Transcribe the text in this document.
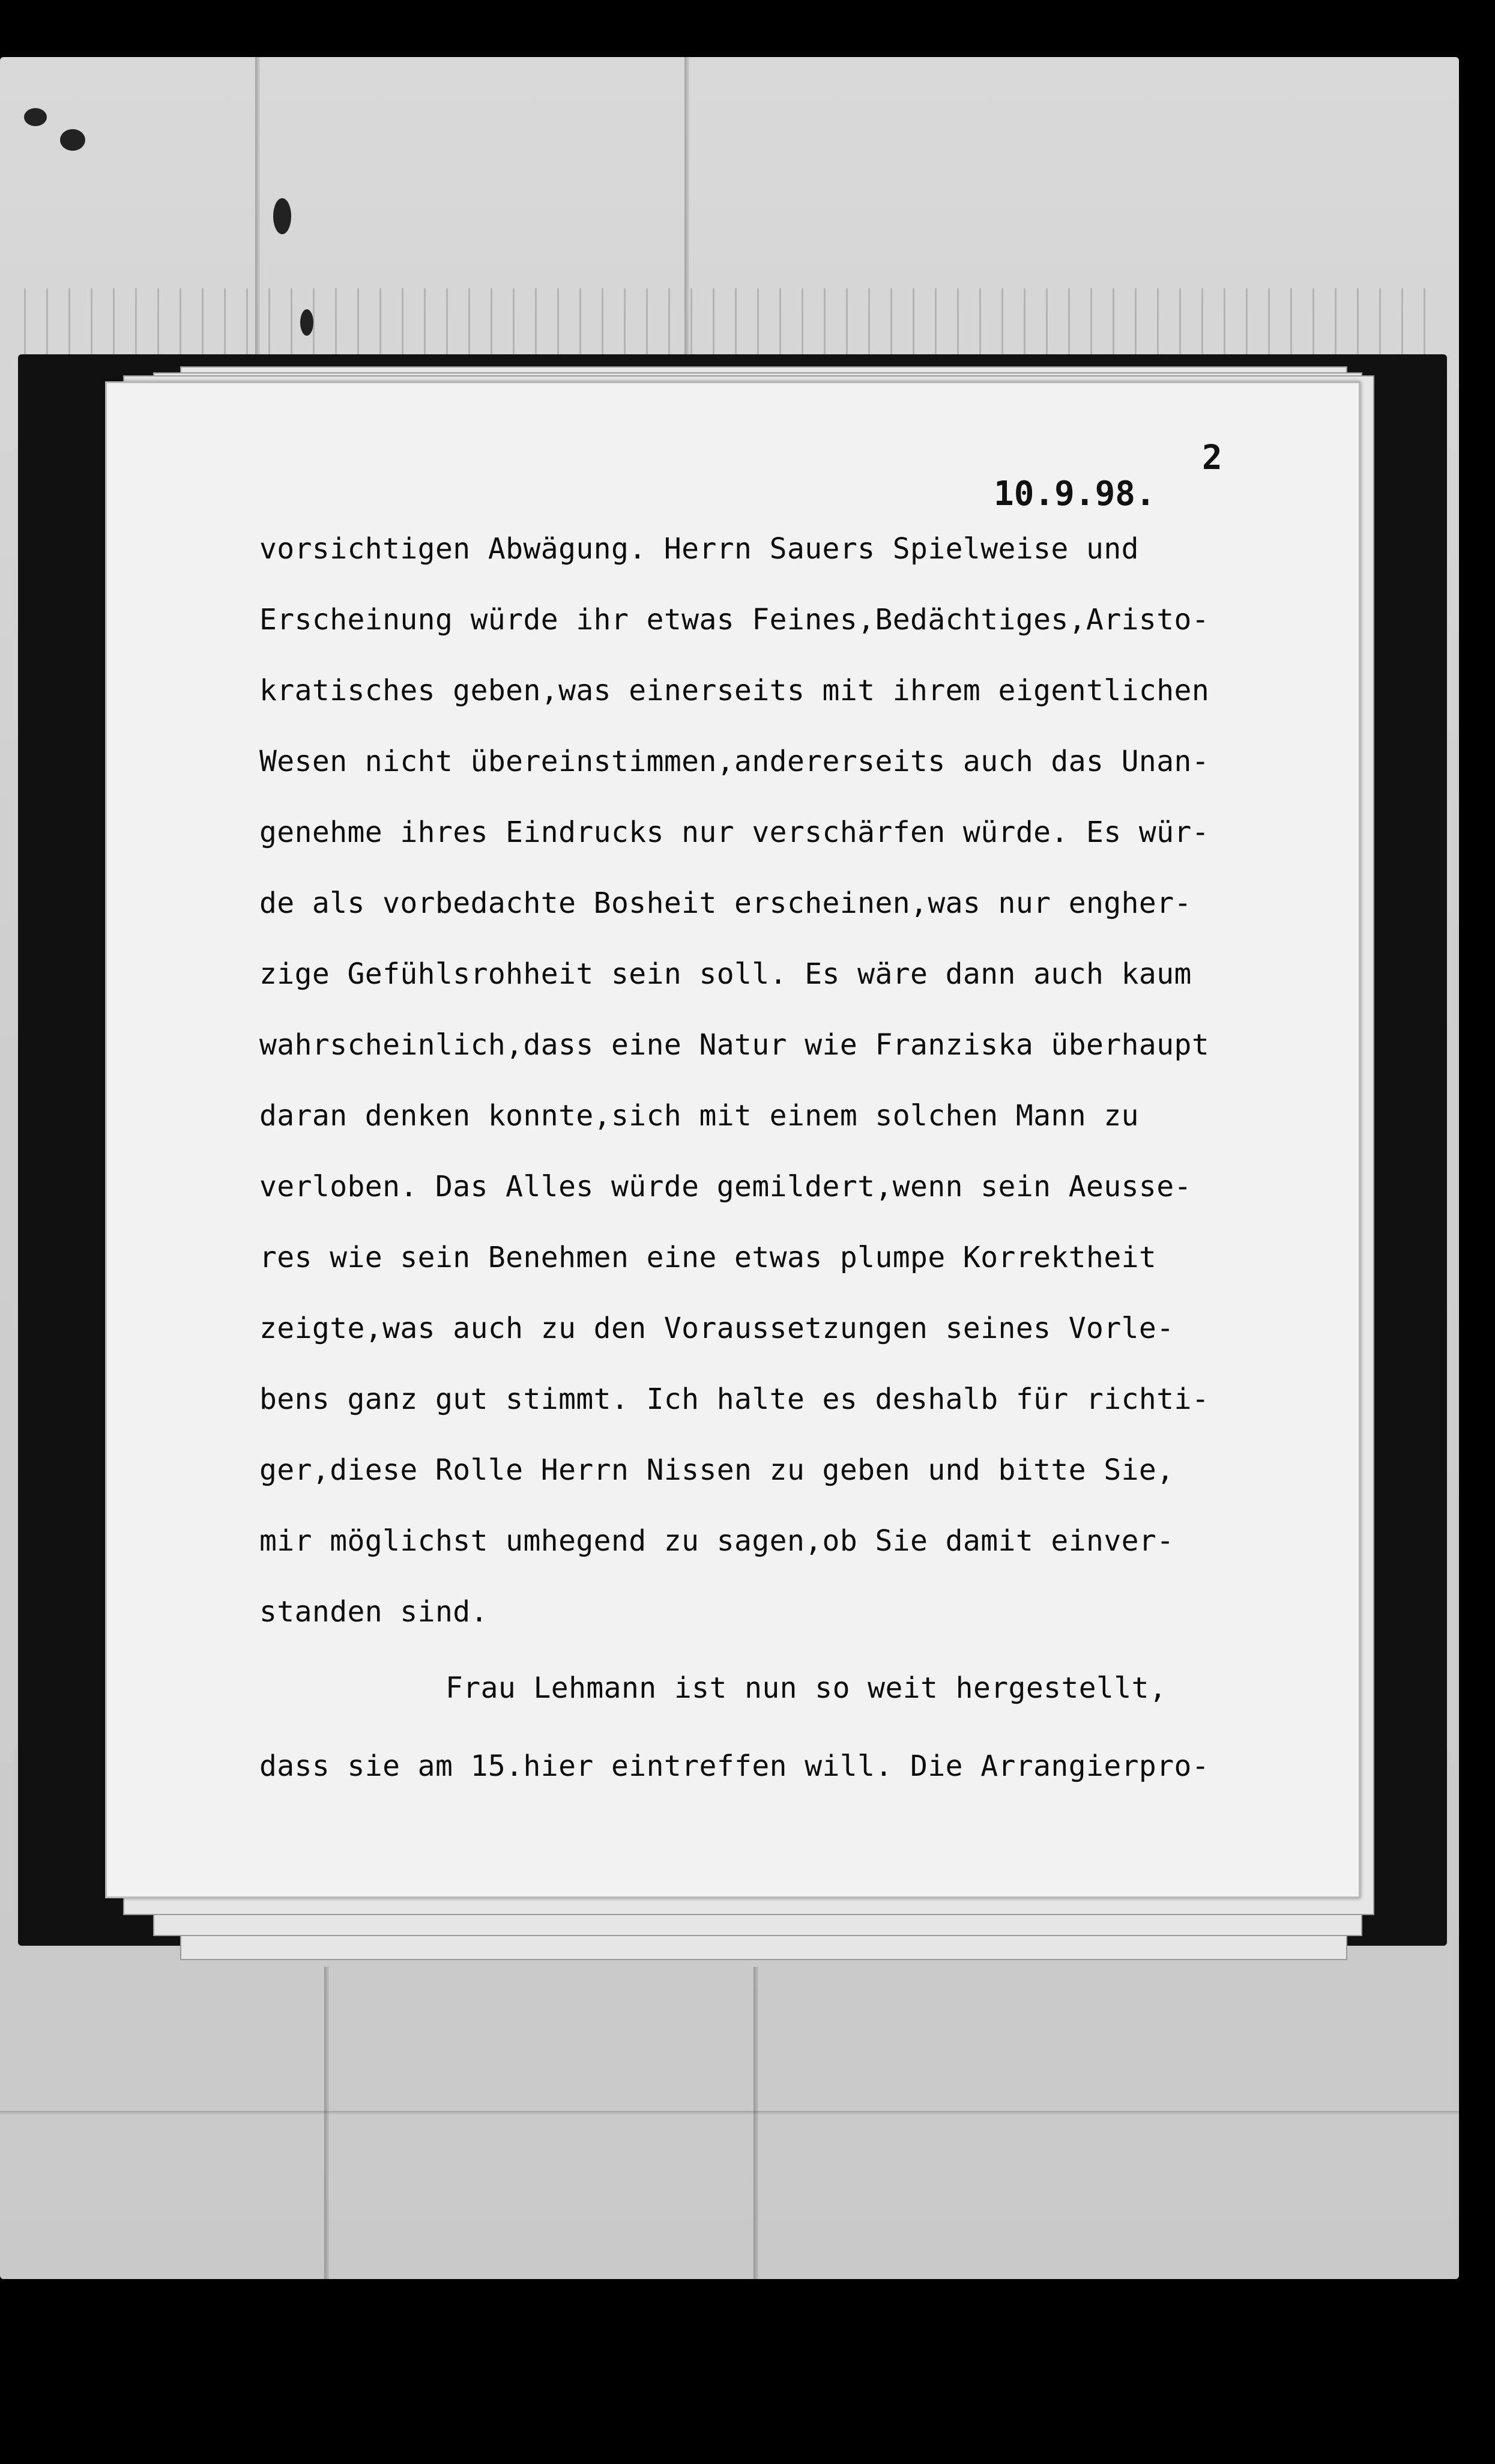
2
10.9.98.
vorsichtigen Abwägung. Herrn Sauers Spielweise und
Erscheinung würde ihr etwas Feines,Bedächtiges,Aristo-
kratisches geben,was einerseits mit ihrem eigentlichen
Wesen nicht übereinstimmen,andererseits auch das Unan-
genehme ihres Eindrucks nur verschärfen würde. Es wür-
de als vorbedachte Bosheit erscheinen,was nur engher-
zige Gefühlsrohheit sein soll. Es wäre dann auch kaum
wahrscheinlich,dass eine Natur wie Franziska überhaupt
daran denken konnte,sich mit einem solchen Mann zu
verloben. Das Alles würde gemildert,wenn sein Aeusse-
res wie sein Benehmen eine etwas plumpe Korrektheit
zeigte,was auch zu den Voraussetzungen seines Vorle-
bens ganz gut stimmt. Ich halte es deshalb für richti-
ger,diese Rolle Herrn Nissen zu geben und bitte Sie,
mir möglichst umhegend zu sagen,ob Sie damit einver-
standen sind.
Frau Lehmann ist nun so weit hergestellt,
dass sie am 15.hier eintreffen will. Die Arrangierpro-
